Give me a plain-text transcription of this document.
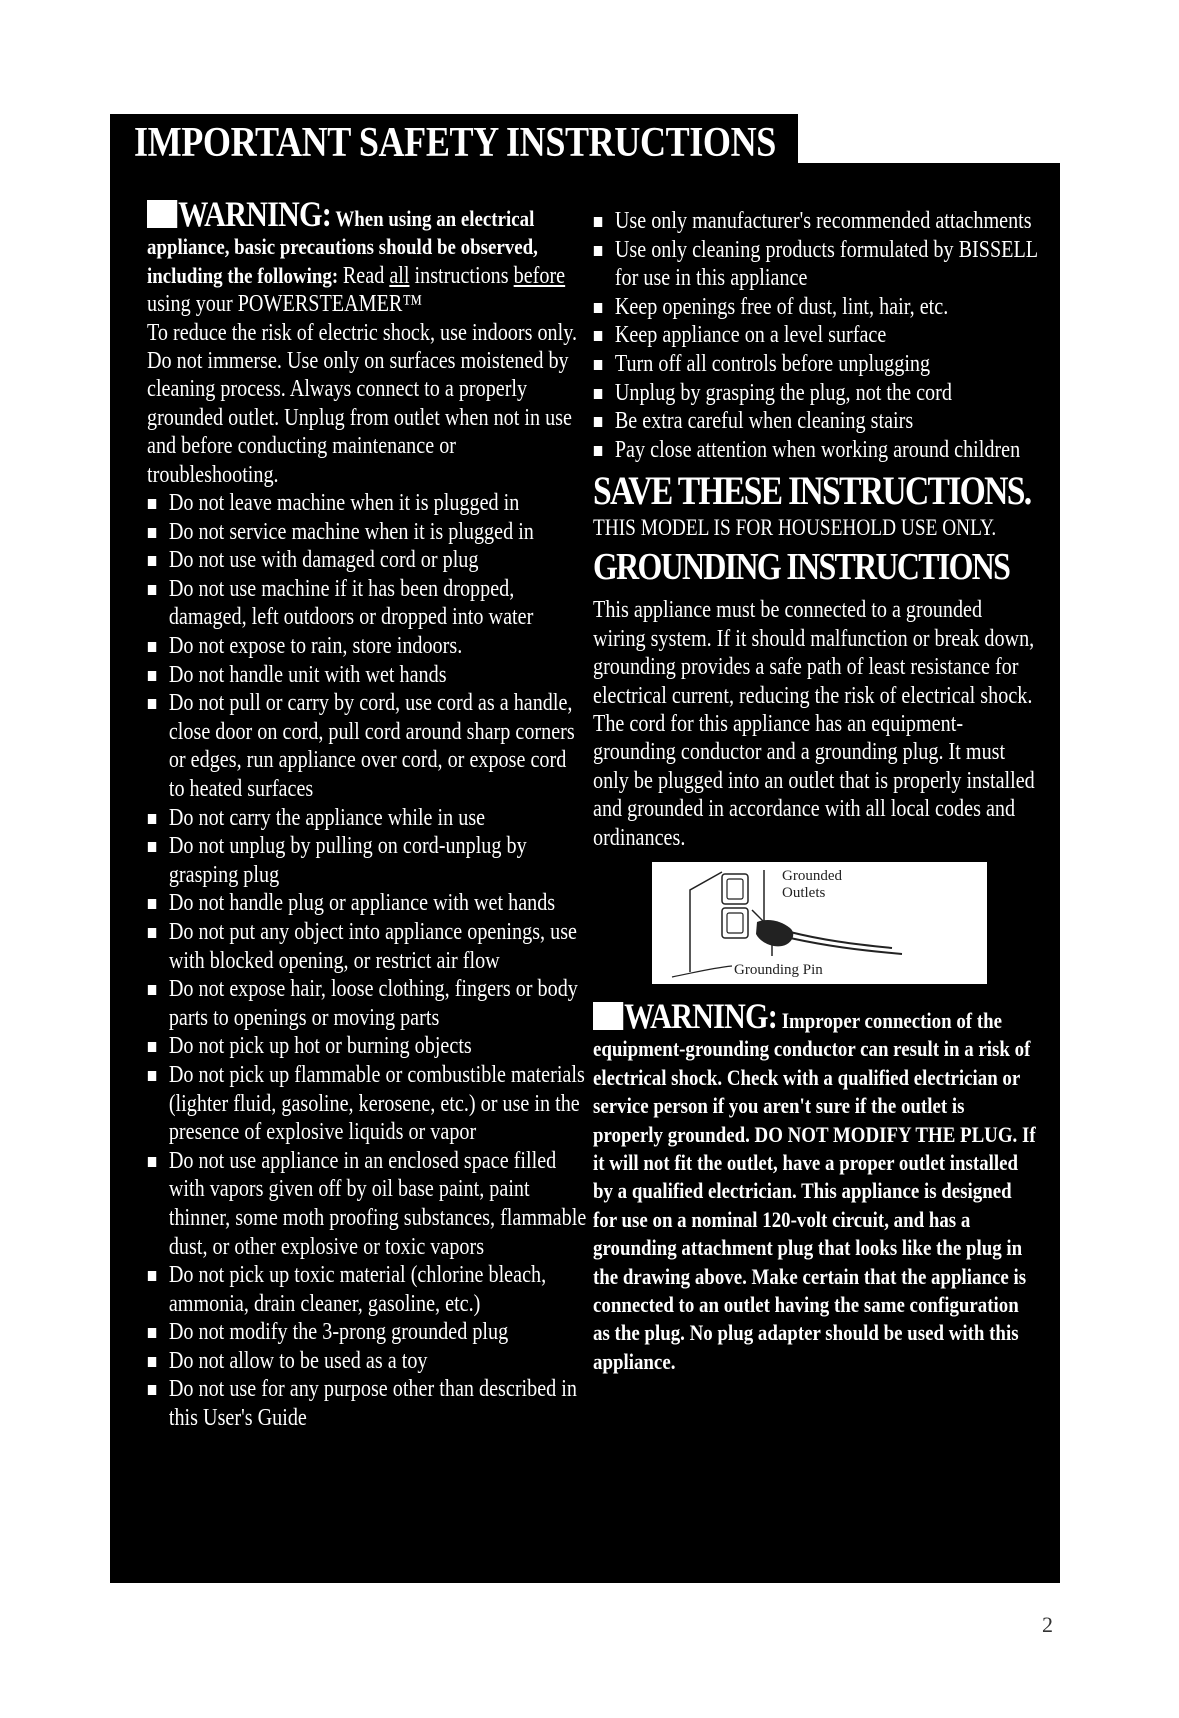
IMPORTANT SAFETY INSTRUCTIONS
WARNING: When using an electrical appliance, basic precautions should be observed, including the following: Read all instructions before using your POWERSTEAMER™
To reduce the risk of electric shock, use indoors only. Do not immerse. Use only on surfaces moistened by cleaning process. Always connect to a properly grounded outlet. Unplug from outlet when not in use and before conducting maintenance or troubleshooting.
Do not leave machine when it is plugged in
Do not service machine when it is plugged in
Do not use with damaged cord or plug
Do not use machine if it has been dropped, damaged, left outdoors or dropped into water
Do not expose to rain, store indoors.
Do not handle unit with wet hands
Do not pull or carry by cord, use cord as a handle, close door on cord, pull cord around sharp corners or edges, run appliance over cord, or expose cord to heated surfaces
Do not carry the appliance while in use
Do not unplug by pulling on cord-unplug by grasping plug
Do not handle plug or appliance with wet hands
Do not put any object into appliance openings, use with blocked opening, or restrict air flow
Do not expose hair, loose clothing, fingers or body parts to openings or moving parts
Do not pick up hot or burning objects
Do not pick up flammable or combustible materials (lighter fluid, gasoline, kerosene, etc.) or use in the presence of explosive liquids or vapor
Do not use appliance in an enclosed space filled with vapors given off by oil base paint, paint thinner, some moth proofing substances, flammable dust, or other explosive or toxic vapors
Do not pick up toxic material (chlorine bleach, ammonia, drain cleaner, gasoline, etc.)
Do not modify the 3-prong grounded plug
Do not allow to be used as a toy
Do not use for any purpose other than described in this User's Guide
Use only manufacturer's recommended attachments
Use only cleaning products formulated by BISSELL for use in this appliance
Keep openings free of dust, lint, hair, etc.
Keep appliance on a level surface
Turn off all controls before unplugging
Unplug by grasping the plug, not the cord
Be extra careful when cleaning stairs
Pay close attention when working around children
SAVE THESE INSTRUCTIONS.
THIS MODEL IS FOR HOUSEHOLD USE ONLY.
GROUNDING INSTRUCTIONS
This appliance must be connected to a grounded wiring system. If it should malfunction or break down, grounding provides a safe path of least resistance for electrical current, reducing the risk of electrical shock. The cord for this appliance has an equipment-grounding conductor and a grounding plug. It must only be plugged into an outlet that is properly installed and grounded in accordance with all local codes and ordinances.
Grounded Outlets
Grounding Pin
WARNING: Improper connection of the equipment-grounding conductor can result in a risk of electrical shock. Check with a qualified electrician or service person if you aren't sure if the outlet is properly grounded. DO NOT MODIFY THE PLUG. If it will not fit the outlet, have a proper outlet installed by a qualified electrician. This appliance is designed for use on a nominal 120-volt circuit, and has a grounding attachment plug that looks like the plug in the drawing above. Make certain that the appliance is connected to an outlet having the same configuration as the plug. No plug adapter should be used with this appliance.
2
